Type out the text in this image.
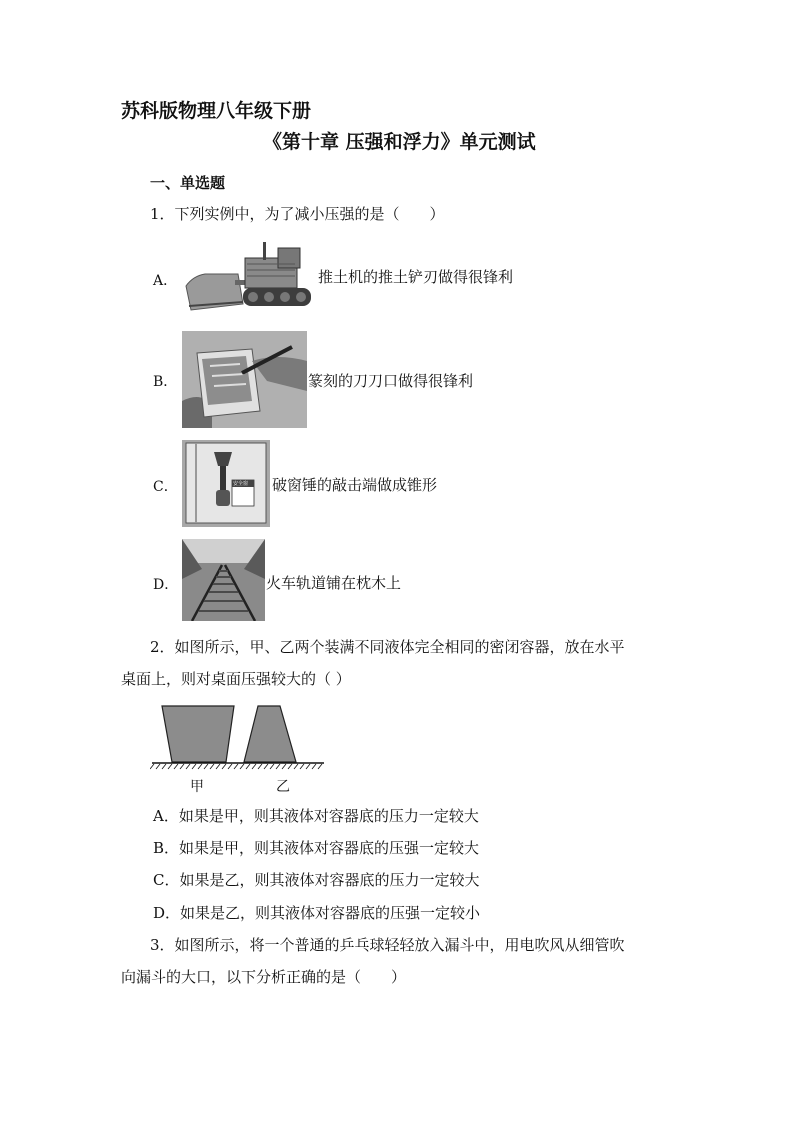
苏科版物理八年级下册
《第十章 压强和浮力》单元测试
一、单选题
1．下列实例中，为了减小压强的是（　　）
A．	推土机的推土铲刃做得很锋利
B．	篆刻的刀刀口做得很锋利
C．	安全窗 破窗锤的敲击端做成锥形
D．	火车轨道铺在枕木上
2．如图所示，甲、乙两个装满不同液体完全相同的密闭容器，放在水平
桌面上，则对桌面压强较大的（ ）
甲	乙
A．如果是甲，则其液体对容器底的压力一定较大
B．如果是甲，则其液体对容器底的压强一定较大
C．如果是乙，则其液体对容器底的压力一定较大
D．如果是乙，则其液体对容器底的压强一定较小
3．如图所示，将一个普通的乒乓球轻轻放入漏斗中，用电吹风从细管吹
向漏斗的大口，以下分析正确的是（　　）
